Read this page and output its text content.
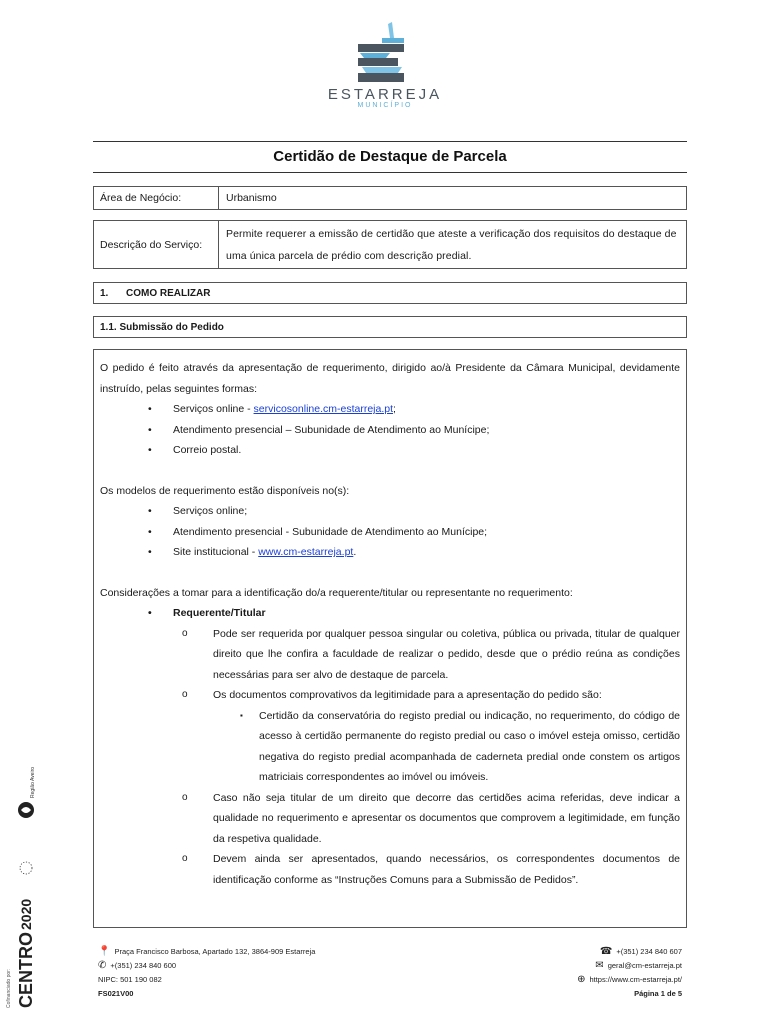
ESTARREJA
MUNICÍPIO
Certidão de Destaque de Parcela
Área de Negócio:	Urbanismo
Descrição do Serviço:
Permite requerer a emissão de certidão que ateste a verificação dos requisitos do destaque de uma única parcela de prédio com descrição predial.
1.	COMO REALIZAR
1.1. Submissão do Pedido

O pedido é feito através da apresentação de requerimento, dirigido ao/à Presidente da Câmara Municipal, devidamente instruído, pelas seguintes formas:

• Serviços online - servicosonline.cm-estarreja.pt;
• Atendimento presencial – Subunidade de Atendimento ao Munícipe;
• Correio postal.

Os modelos de requerimento estão disponíveis no(s):

• Serviços online;
• Atendimento presencial - Subunidade de Atendimento ao Munícipe;
• Site institucional - www.cm-estarreja.pt.

Considerações a tomar para a identificação do/a requerente/titular ou representante no requerimento:

• Requerente/Titular
o Pode ser requerida por qualquer pessoa singular ou coletiva, pública ou privada, titular de qualquer direito que lhe confira a faculdade de realizar o pedido, desde que o prédio reúna as condições necessárias para ser alvo de destaque de parcela.
o Os documentos comprovativos da legitimidade para a apresentação do pedido são:
▪ Certidão da conservatória do registo predial ou indicação, no requerimento, do código de acesso à certidão permanente do registo predial ou caso o imóvel esteja omisso, certidão negativa do registo predial acompanhada de caderneta predial onde constem os artigos matriciais correspondentes ao imóvel ou imóveis.
o Caso não seja titular de um direito que decorre das certidões acima referidas, deve indicar a qualidade no requerimento e apresentar os documentos que comprovem a legitimidade, em função da respetiva qualidade.
o Devem ainda ser apresentados, quando necessários, os correspondentes documentos de identificação conforme as “Instruções Comuns para a Submissão de Pedidos”.
📍 Praça Francisco Barbosa, Apartado 132, 3864-909 Estarreja
✆ +(351) 234 840 600
NIPC: 501 190 082
FS021V00
☎ +(351) 234 840 607
✉ geral@cm-estarreja.pt
⊕ https://www.cm-estarreja.pt/
Página 1 de 5
Cofinanciado por: CENTRO
2020
Região Aveiro
